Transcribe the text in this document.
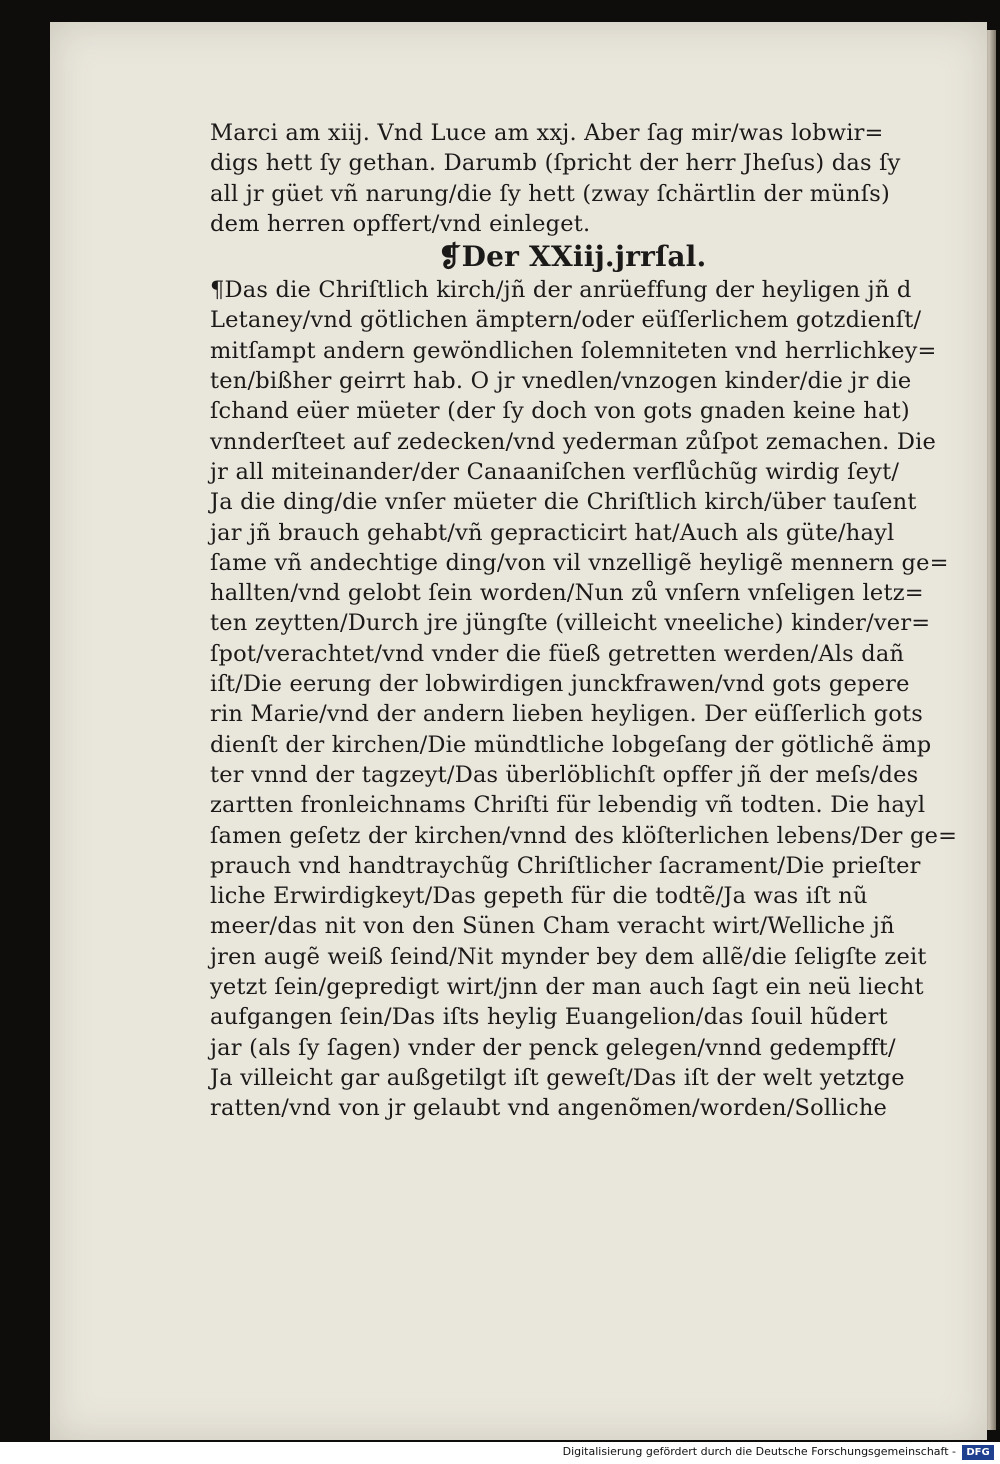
Marci am xiij. Vnd Luce am xxj. Aber ſag mir/was lobwir=
digs hett ſy gethan. Darumb (ſpricht der herr Jheſus) das ſy
all jr güet vñ narung/die ſy hett (zway ſchärtlin der münſs)
dem herren opffert/vnd einleget.
❡Der XXiij.jrrſal.
¶Das die Chriſtlich kirch/jñ der anrüeffung der heyligen jñ d
Letaney/vnd götlichen ämptern/oder eüſſerlichem gotzdienſt/
mitſampt andern gewöndlichen ſolemniteten vnd herrlichkey=
ten/bißher geirrt hab. O jr vnedlen/vnzogen kinder/die jr die
ſchand eüer müeter (der ſy doch von gots gnaden keine hat)
vnnderſteet auf zedecken/vnd yederman zůſpot zemachen. Die
jr all miteinander/der Canaaniſchen verflůchũg wirdig ſeyt/
Ja die ding/die vnſer müeter die Chriſtlich kirch/über tauſent
jar jñ brauch gehabt/vñ gepracticirt hat/Auch als güte/hayl
ſame vñ andechtige ding/von vil vnzelligẽ heyligẽ mennern ge=
hallten/vnd gelobt ſein worden/Nun zů vnſern vnſeligen letz=
ten zeytten/Durch jre jüngſte (villeicht vneeliche) kinder/ver=
ſpot/verachtet/vnd vnder die füeß getretten werden/Als dañ
iſt/Die eerung der lobwirdigen junckfrawen/vnd gots gepere
rin Marie/vnd der andern lieben heyligen. Der eüſſerlich gots
dienſt der kirchen/Die mündtliche lobgeſang der götlichẽ ämp
ter vnnd der tagzeyt/Das überlöblichſt opffer jñ der meſs/des
zartten fronleichnams Chriſti für lebendig vñ todten. Die hayl
ſamen geſetz der kirchen/vnnd des klöſterlichen lebens/Der ge=
prauch vnd handtraychũg Chriſtlicher ſacrament/Die prieſter
liche Erwirdigkeyt/Das gepeth für die todtẽ/Ja was iſt nũ
meer/das nit von den Sünen Cham veracht wirt/Welliche jñ
jren augẽ weiß ſeind/Nit mynder bey dem allẽ/die ſeligſte zeit
yetzt ſein/gepredigt wirt/jnn der man auch ſagt ein neü liecht
aufgangen ſein/Das iſts heylig Euangelion/das ſouil hũdert
jar (als ſy ſagen) vnder der penck gelegen/vnnd gedempfft/
Ja villeicht gar außgetilgt iſt geweſt/Das iſt der welt yetztge
ratten/vnd von jr gelaubt vnd angenõmen/worden/Solliche
Digitalisierung gefördert durch die Deutsche Forschungsgemeinschaft -	DFG
